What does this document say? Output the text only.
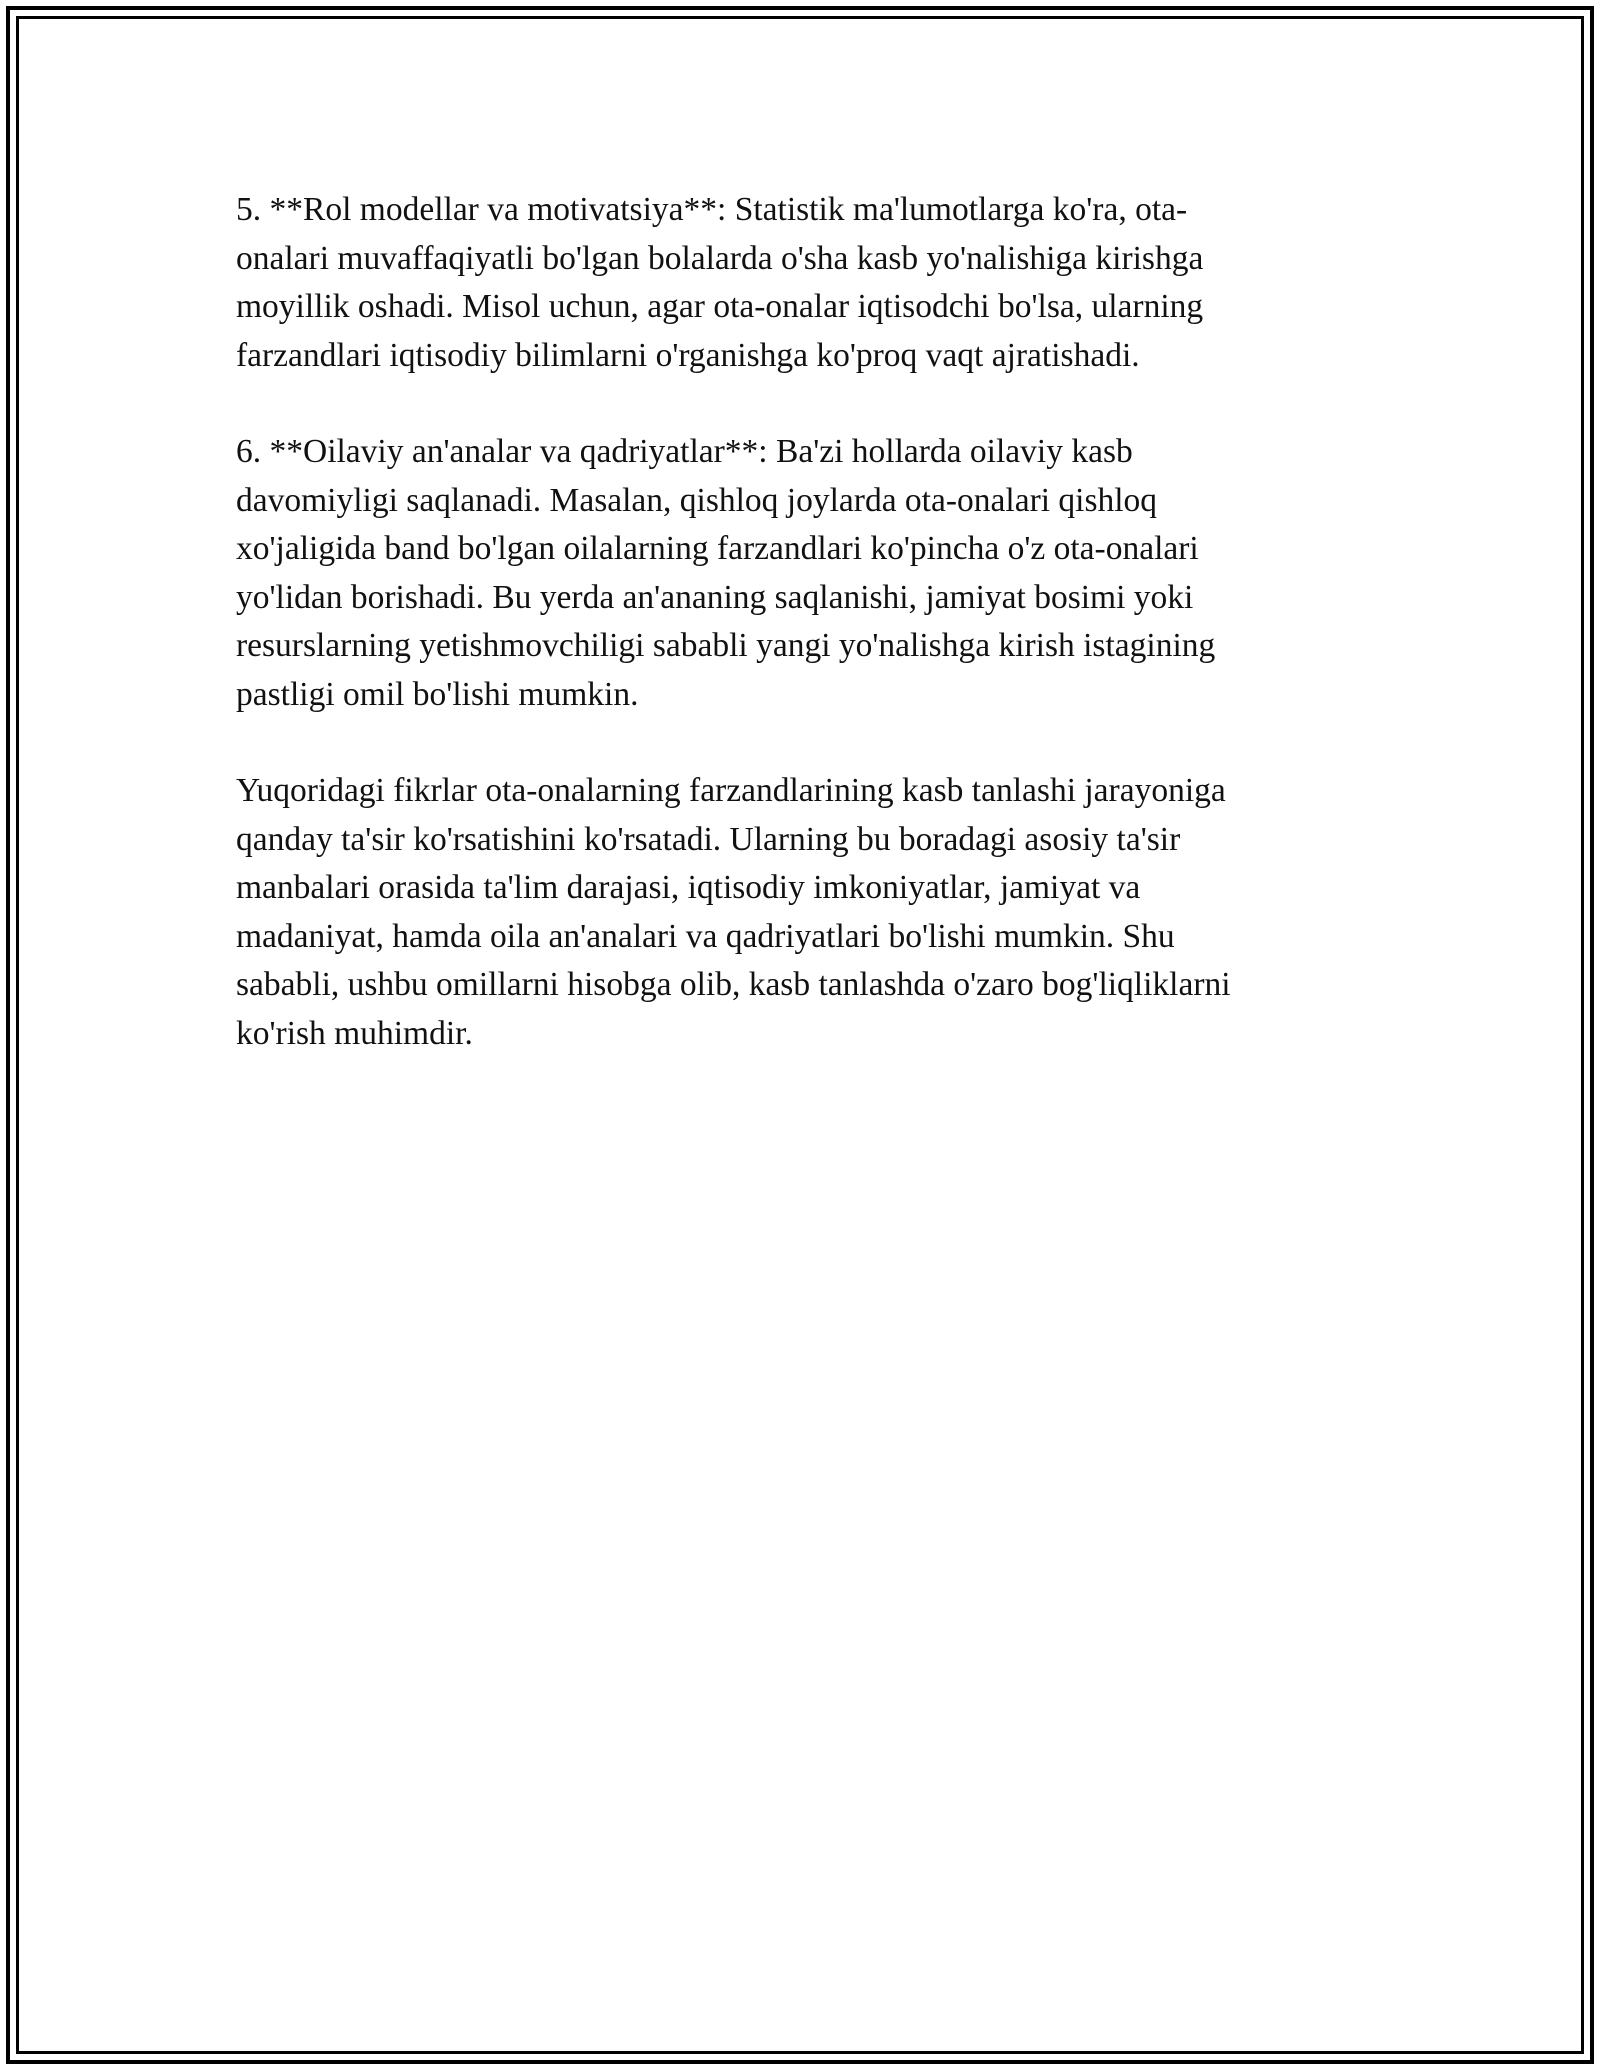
5. **Rol modellar va motivatsiya**: Statistik ma'lumotlarga ko'ra, ota-
onalari muvaffaqiyatli bo'lgan bolalarda o'sha kasb yo'nalishiga kirishga
moyillik oshadi. Misol uchun, agar ota-onalar iqtisodchi bo'lsa, ularning
farzandlari iqtisodiy bilimlarni o'rganishga ko'proq vaqt ajratishadi.

6. **Oilaviy an'analar va qadriyatlar**: Ba'zi hollarda oilaviy kasb
davomiyligi saqlanadi. Masalan, qishloq joylarda ota-onalari qishloq
xo'jaligida band bo'lgan oilalarning farzandlari ko'pincha o'z ota-onalari
yo'lidan borishadi. Bu yerda an'ananing saqlanishi, jamiyat bosimi yoki
resurslarning yetishmovchiligi sababli yangi yo'nalishga kirish istagining
pastligi omil bo'lishi mumkin.

Yuqoridagi fikrlar ota-onalarning farzandlarining kasb tanlashi jarayoniga
qanday ta'sir ko'rsatishini ko'rsatadi. Ularning bu boradagi asosiy ta'sir
manbalari orasida ta'lim darajasi, iqtisodiy imkoniyatlar, jamiyat va
madaniyat, hamda oila an'analari va qadriyatlari bo'lishi mumkin. Shu
sababli, ushbu omillarni hisobga olib, kasb tanlashda o'zaro bog'liqliklarni
ko'rish muhimdir.
